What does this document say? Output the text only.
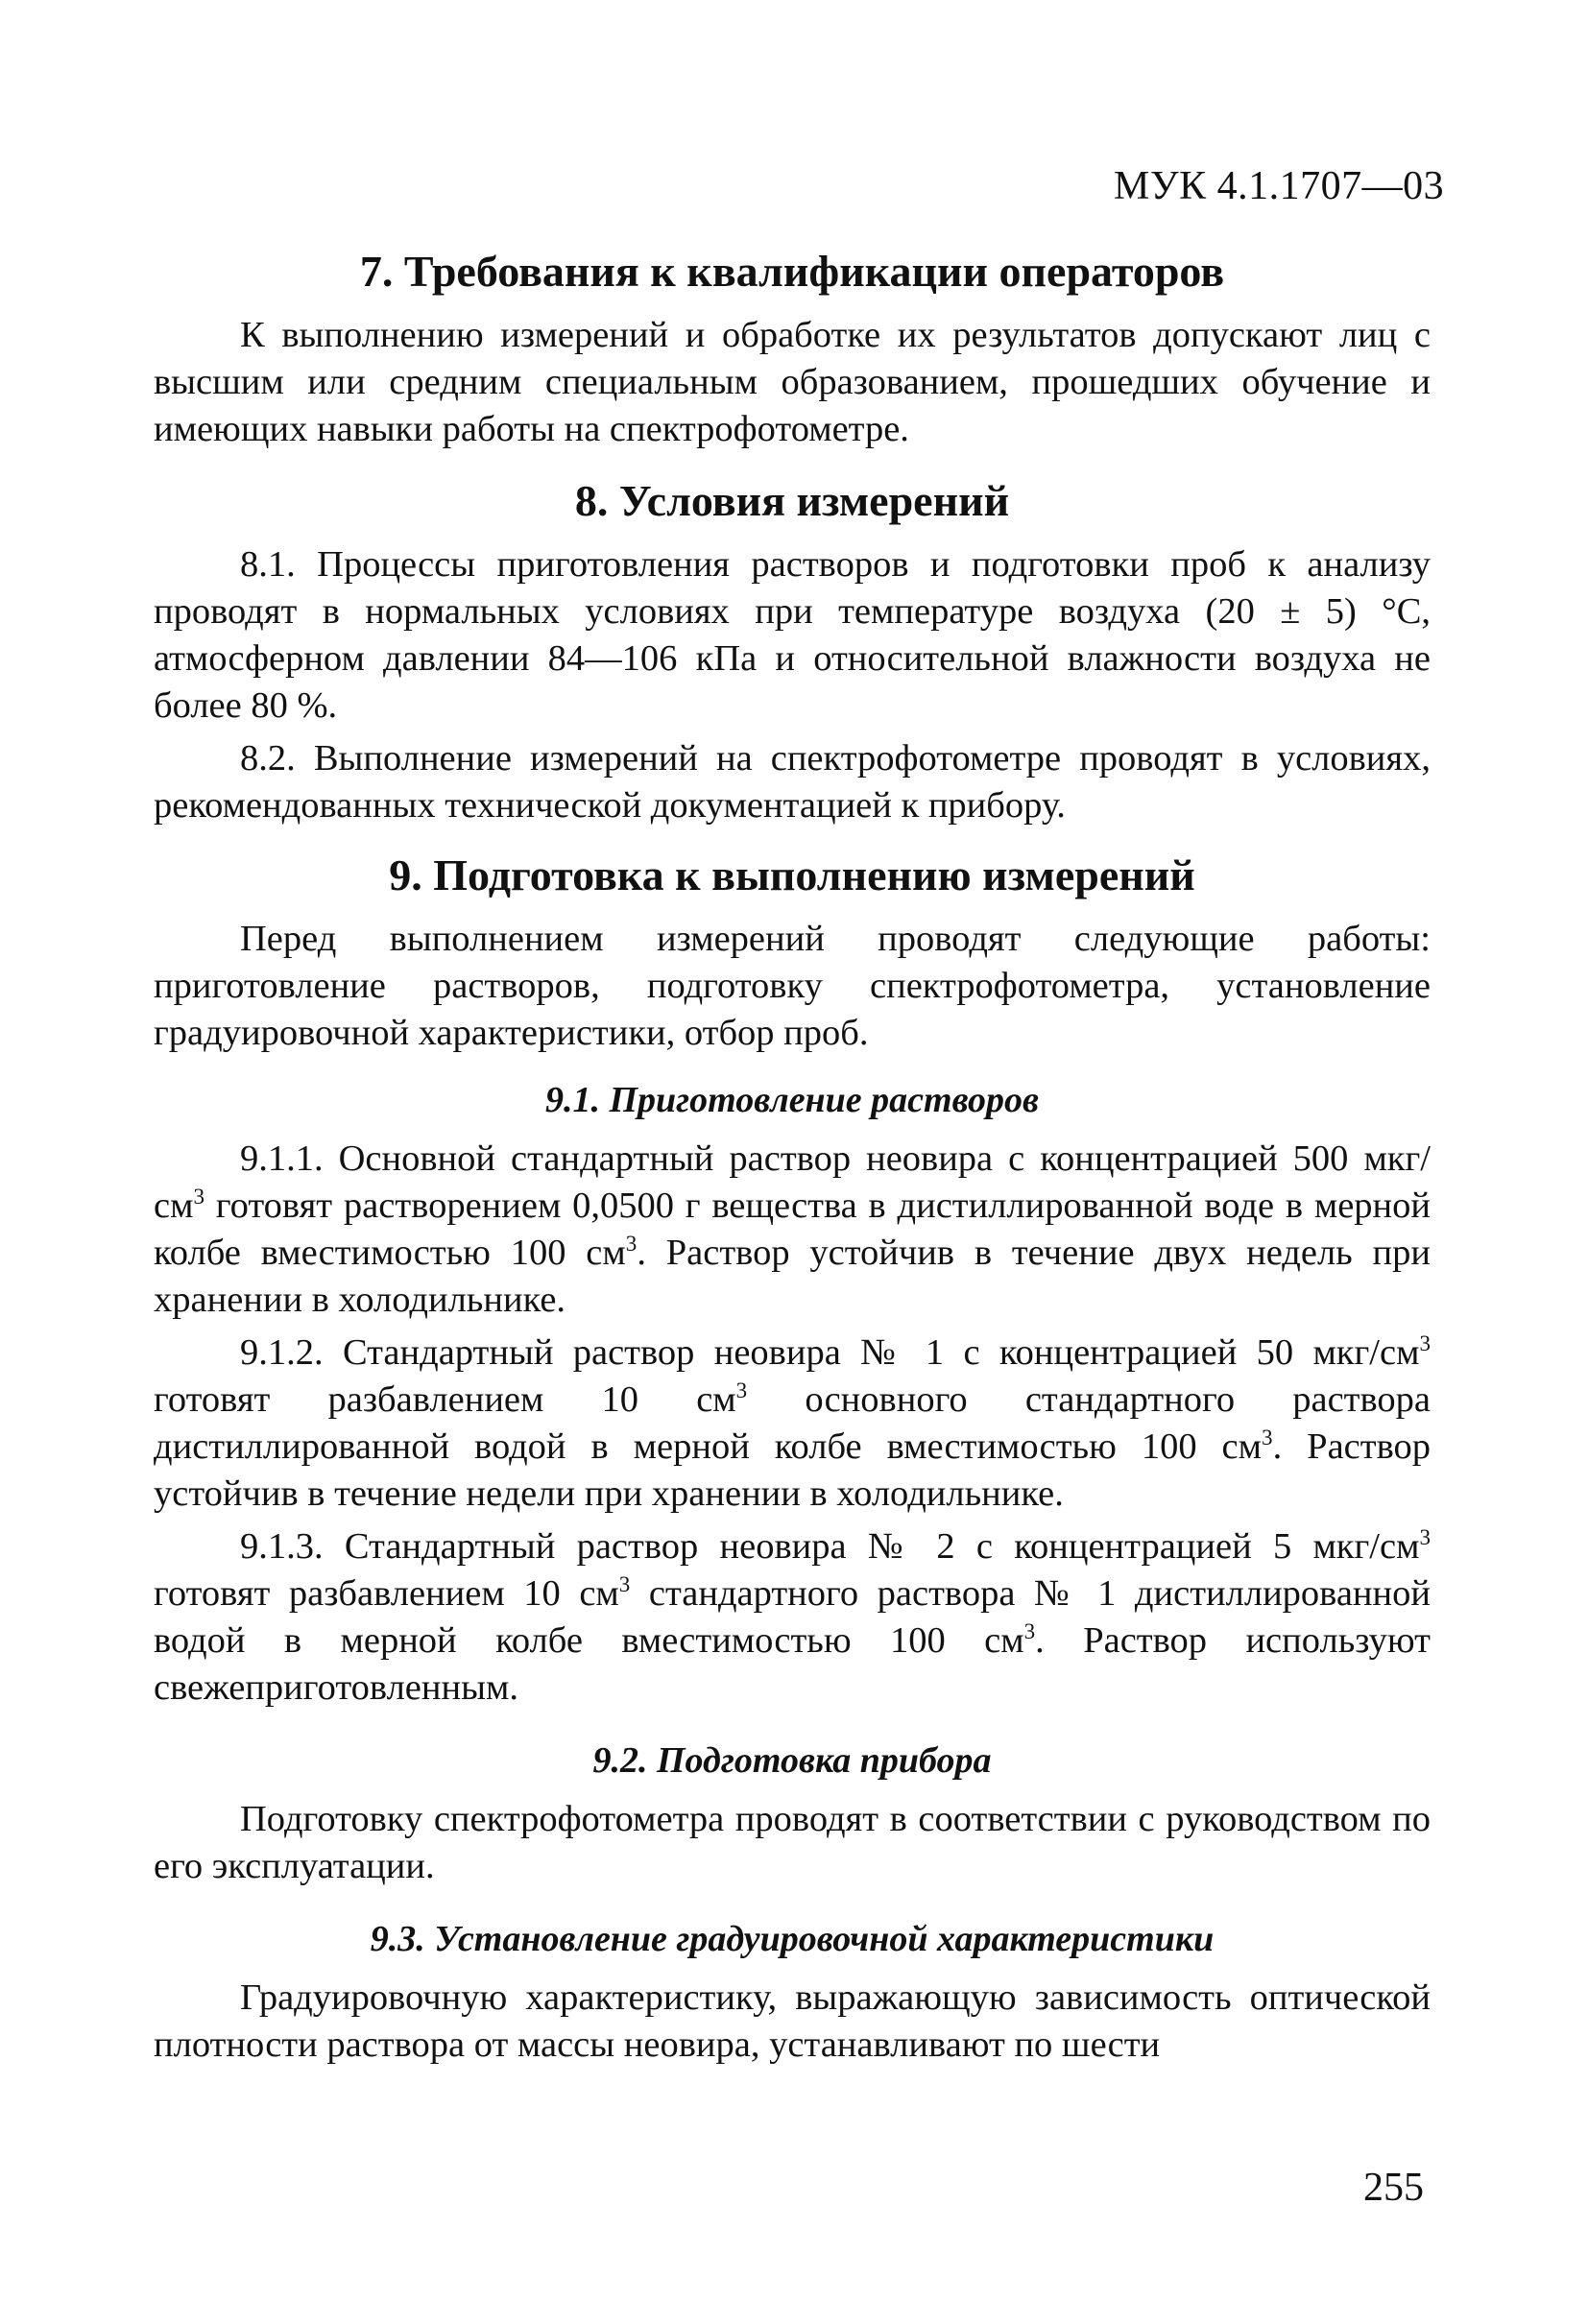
МУК 4.1.1707—03
7. Требования к квалификации операторов

К выполнению измерений и обработке их результатов допускают лиц с высшим или средним специальным образованием, прошедших обучение и имеющих навыки работы на спектрофотометре.

8. Условия измерений

8.1. Процессы приготовления растворов и подготовки проб к анализу проводят в нормальных условиях при температуре воздуха (20 ± 5) °С, атмосферном давлении 84—106 кПа и относительной влажности воздуха не более 80 %.

8.2. Выполнение измерений на спектрофотометре проводят в условиях, рекомендованных технической документацией к прибору.

9. Подготовка к выполнению измерений

Перед выполнением измерений проводят следующие работы: приготовление растворов, подготовку спектрофотометра, установление градуировочной характеристики, отбор проб.

9.1. Приготовление растворов

9.1.1. Основной стандартный раствор неовира с концентрацией 500 мкг/$см^3$ готовят растворением 0,0500 г вещества в дистиллированной воде в мерной колбе вместимостью 100 $см^3$. Раствор устойчив в течение двух недель при хранении в холодильнике.

9.1.2. Стандартный раствор неовира № 1 с концентрацией 50 мкг/$см^3$ готовят разбавлением 10 $см^3$ основного стандартного раствора дистиллированной водой в мерной колбе вместимостью 100 $см^3$. Раствор устойчив в течение недели при хранении в холодильнике.

9.1.3. Стандартный раствор неовира № 2 с концентрацией 5 мкг/$см^3$ готовят разбавлением 10 $см^3$ стандартного раствора № 1 дистиллированной водой в мерной колбе вместимостью 100 $см^3$. Раствор используют свежеприготовленным.

9.2. Подготовка прибора

Подготовку спектрофотометра проводят в соответствии с руководством по его эксплуатации.

9.3. Установление градуировочной характеристики

Градуировочную характеристику, выражающую зависимость оптической плотности раствора от массы неовира, устанавливают по шести

255
